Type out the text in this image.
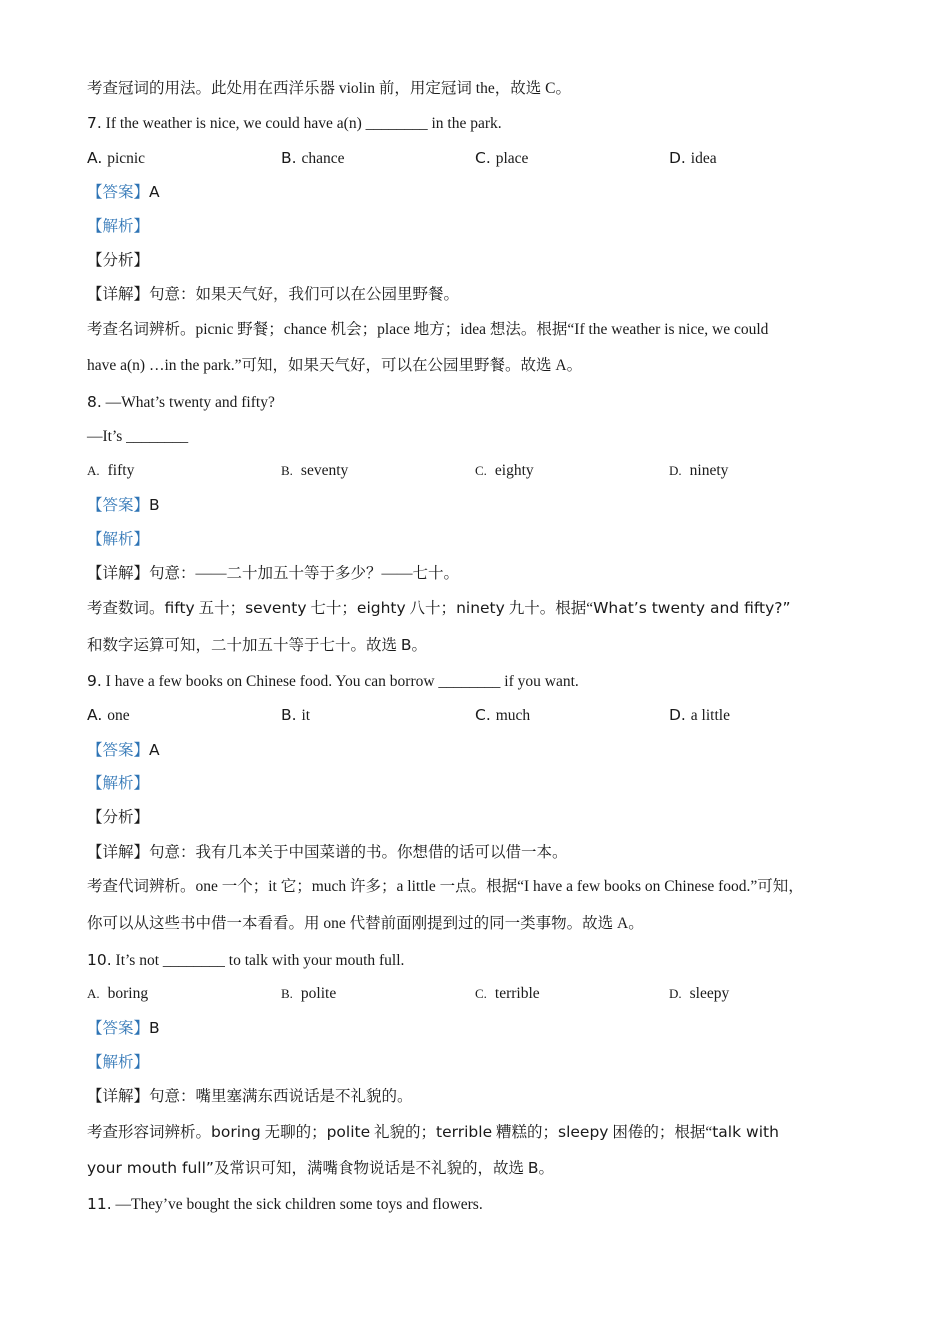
考查冠词的用法。此处用在西洋乐器 violin 前，用定冠词 the，故选 C。
7. If the weather is nice, we could have a(n) ________ in the park.
A. picnic	B. chance	C. place	D. idea
【答案】A
【解析】
【分析】
【详解】句意：如果天气好，我们可以在公园里野餐。
考查名词辨析。picnic 野餐；chance 机会；place 地方；idea 想法。根据“If the weather is nice, we could
have a(n) …in the park.”可知，如果天气好，可以在公园里野餐。故选 A。
8. —What’s twenty and fifty?
—It’s ________
A. fifty	B. seventy	C. eighty	D. ninety
【答案】B
【解析】
【详解】句意：——二十加五十等于多少？——七十。
考查数词。fifty 五十；seventy 七十；eighty 八十；ninety 九十。根据“What’s twenty and fifty?”
和数字运算可知，二十加五十等于七十。故选 B。
9. I have a few books on Chinese food. You can borrow ________ if you want.
A. one	B. it	C. much	D. a little
【答案】A
【解析】
【分析】
【详解】句意：我有几本关于中国菜谱的书。你想借的话可以借一本。
考查代词辨析。one 一个；it 它；much 许多；a little 一点。根据“I have a few books on Chinese food.”可知，
你可以从这些书中借一本看看。用 one 代替前面刚提到过的同一类事物。故选 A。
10. It’s not ________ to talk with your mouth full.
A. boring	B. polite	C. terrible	D. sleepy
【答案】B
【解析】
【详解】句意：嘴里塞满东西说话是不礼貌的。
考查形容词辨析。boring 无聊的；polite 礼貌的；terrible 糟糕的；sleepy 困倦的；根据“talk with
your mouth full”及常识可知，满嘴食物说话是不礼貌的，故选 B。
11. —They’ve bought the sick children some toys and flowers.
